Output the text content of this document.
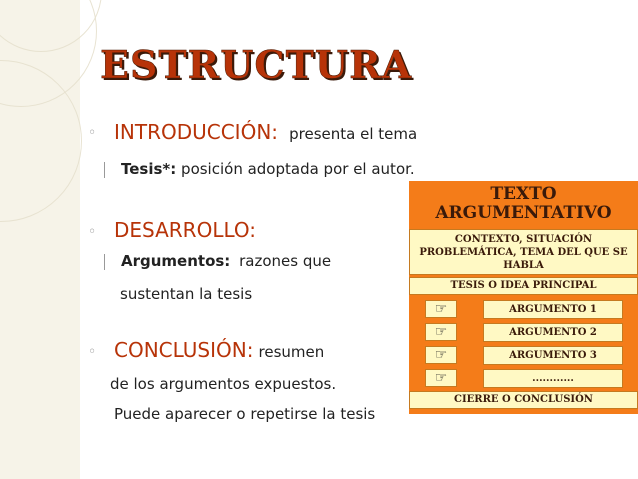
ESTRUCTURA
◦ INTRODUCCIÓN: presenta el tema
Tesis*: posición adoptada por el autor.
◦ DESARROLLO:
Argumentos: razones que
sustentan la tesis
◦ CONCLUSIÓN: resumen
de los argumentos expuestos.
Puede aparecer o repetirse la tesis
TEXTO
ARGUMENTATIVO
CONTEXTO, SITUACIÓN PROBLEMÁTICA, TEMA DEL QUE SE HABLA
TESIS O IDEA PRINCIPAL
☞	ARGUMENTO 1
☞	ARGUMENTO 2
☞	ARGUMENTO 3
☞	............
CIERRE O CONCLUSIÓN
